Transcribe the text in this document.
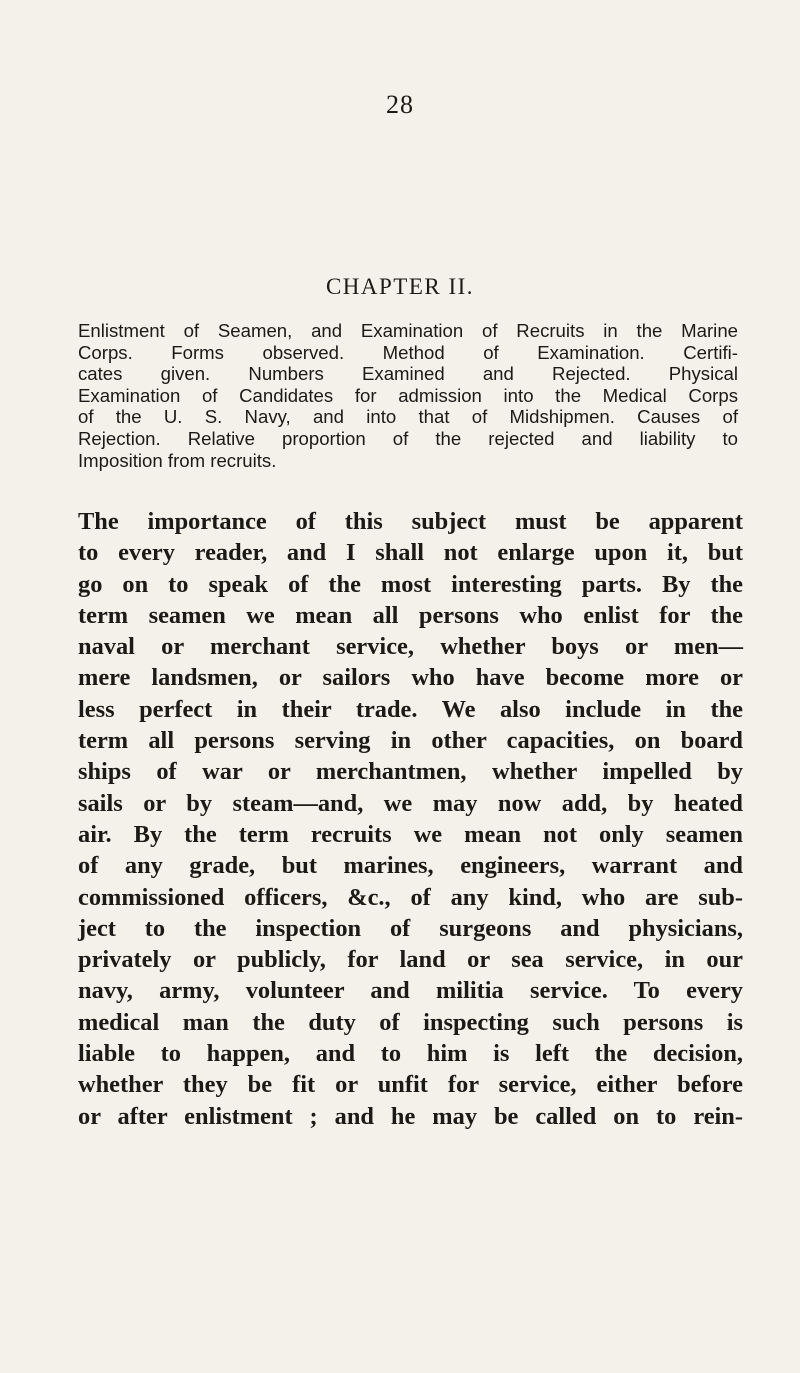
28
CHAPTER II.
Enlistment of Seamen, and Examination of Recruits in the Marine
Corps. Forms observed. Method of Examination. Certifi-
cates given. Numbers Examined and Rejected. Physical
Examination of Candidates for admission into the Medical Corps
of the U. S. Navy, and into that of Midshipmen. Causes of
Rejection. Relative proportion of the rejected and liability to
Imposition from recruits.
The importance of this subject must be apparent
to every reader, and I shall not enlarge upon it, but
go on to speak of the most interesting parts. By the
term seamen we mean all persons who enlist for the
naval or merchant service, whether boys or men—
mere landsmen, or sailors who have become more or
less perfect in their trade. We also include in the
term all persons serving in other capacities, on board
ships of war or merchantmen, whether impelled by
sails or by steam—and, we may now add, by heated
air. By the term recruits we mean not only seamen
of any grade, but marines, engineers, warrant and
commissioned officers, &c., of any kind, who are sub-
ject to the inspection of surgeons and physicians,
privately or publicly, for land or sea service, in our
navy, army, volunteer and militia service. To every
medical man the duty of inspecting such persons is
liable to happen, and to him is left the decision,
whether they be fit or unfit for service, either before
or after enlistment ; and he may be called on to rein-
